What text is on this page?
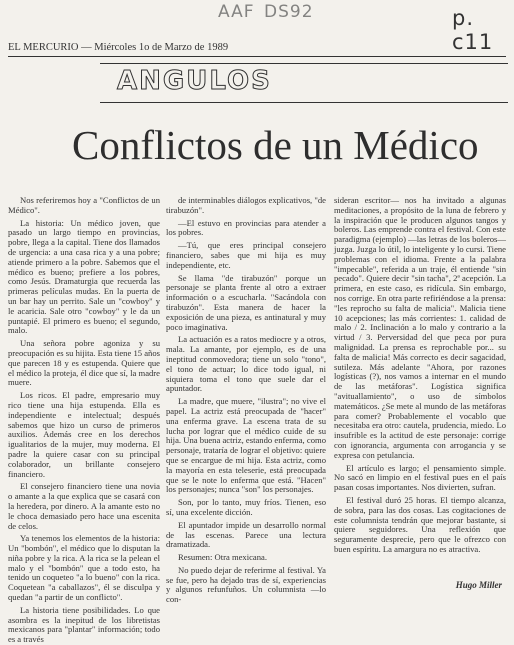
AAF DS92	p. c11
EL MERCURIO — Miércoles 1o de Marzo de 1989
ANGULOS
Conflictos de un Médico

Nos referiremos hoy a "Conflictos de un Médico".

La historia: Un médico joven, que pasado un largo tiempo en provincias, pobre, llega a la capital. Tiene dos llamados de urgencia: a una casa rica y a una pobre; atiende primero a la pobre. Sabemos que el médico es bueno; prefiere a los pobres, como Jesús. Dramaturgia que recuerda las primeras películas mudas. En la puerta de un bar hay un perrito. Sale un "cowboy" y le acaricia. Sale otro "cowboy" y le da un puntapié. El primero es bueno; el segundo, malo.

Una señora pobre agoniza y su preocupación es su hijita. Esta tiene 15 años que parecen 18 y es estupenda. Quiere que el médico la proteja, él dice que sí, la madre muere.

Los ricos. El padre, empresario muy rico tiene una hija estupenda. Ella es independiente e intelectual; después sabemos que hizo un curso de primeros auxilios. Además cree en los derechos igualitarios de la mujer, muy moderna. El padre la quiere casar con su principal colaborador, un brillante consejero financiero.

El consejero financiero tiene una novia o amante a la que explica que se casará con la heredera, por dinero. A la amante esto no le choca demasiado pero hace una escenita de celos.

Ya tenemos los elementos de la historia: Un "bombón", el médico que lo disputan la niña pobre y la rica. A la rica se la pelean el malo y el "bombón" que a todo esto, ha tenido un coqueteo "a lo bueno" con la rica. Coquetean "a caballazos", él se disculpa y quedan "a partir de un conflicto".

La historia tiene posibilidades. Lo que asombra es la inepitud de los libretistas mexicanos para "plantar" información; todo es a través

de interminables diálogos explicativos, "de tirabuzón".

—El estuvo en provincias para atender a los pobres.

—Tú, que eres principal consejero financiero, sabes que mi hija es muy independiente, etc.

Se llama "de tirabuzón" porque un personaje se planta frente al otro a extraer información o a escucharla. "Sacándola con tirabuzón". Esta manera de hacer la exposición de una pieza, es antinatural y muy poco imaginativa.

La actuación es a ratos mediocre y a otros, mala. La amante, por ejemplo, es de una ineptitud conmovedora; tiene un solo "tono", el tono de actuar; lo dice todo igual, ni siquiera toma el tono que suele dar el apuntador.

La madre, que muere, "ilustra"; no vive el papel. La actriz está preocupada de "hacer" una enferma grave. La escena trata de su lucha por lograr que el médico cuide de su hija. Una buena actriz, estando enferma, como personaje, trataría de lograr el objetivo: quiere que se encargue de mi hija. Esta actriz, como la mayoría en esta teleserie, está preocupada que se le note lo enferma que está. "Hacen" los personajes; nunca "son" los personajes.

Son, por lo tanto, muy fríos. Tienen, eso sí, una excelente dicción.

El apuntador impide un desarrollo normal de las escenas. Parece una lectura dramatizada.

Resumen: Otra mexicana.

No puedo dejar de referirme al festival. Ya se fue, pero ha dejado tras de sí, experiencias y algunos refunfuños. Un columnista —lo con-

sideran escritor— nos ha invitado a algunas meditaciones, a propósito de la luna de febrero y la inspiración que le producen algunos tangos y boleros. Las emprende contra el festival. Con este paradigma (ejemplo) —las letras de los boleros— juzga. Juzga lo útil, lo inteligente y lo cursi. Tiene problemas con el idioma. Frente a la palabra "impecable", referida a un traje, él entiende "sin pecado". Quiere decir "sin tacha", 2ª acepción. La primera, en este caso, es ridícula. Sin embargo, nos corrige. En otra parte refiriéndose a la prensa: "les reprocho su falta de malicia". Malicia tiene 10 acepciones; las más corrientes: 1. calidad de malo / 2. Inclinación a lo malo y contrario a la virtud / 3. Perversidad del que peca por pura malignidad. La prensa es reprochable por... su falta de malicia! Más correcto es decir sagacidad, sutileza. Más adelante "Ahora, por razones logísticas (?), nos vamos a internar en el mundo de las metáforas". Logística significa "avituallamiento", o uso de símbolos matemáticos. ¿Se mete al mundo de las metáforas para comer? Probablemente el vocablo que necesitaba era otro: cautela, prudencia, miedo. Lo insufrible es la actitud de este personaje: corrige con ignorancia, argumenta con arrogancia y se expresa con petulancia.

El artículo es largo; el pensamiento simple. No sacó en limpio en el festival pues en el país pasan cosas importantes. Nos divierten, sufran.

El festival duró 25 horas. El tiempo alcanza, de sobra, para las dos cosas. Las cogitaciones de este columnista tendrán que mejorar bastante, si quiere seguidores. Una reflexión que seguramente desprecie, pero que le ofrezco con buen espíritu. La amargura no es atractiva.

Hugo Miller
